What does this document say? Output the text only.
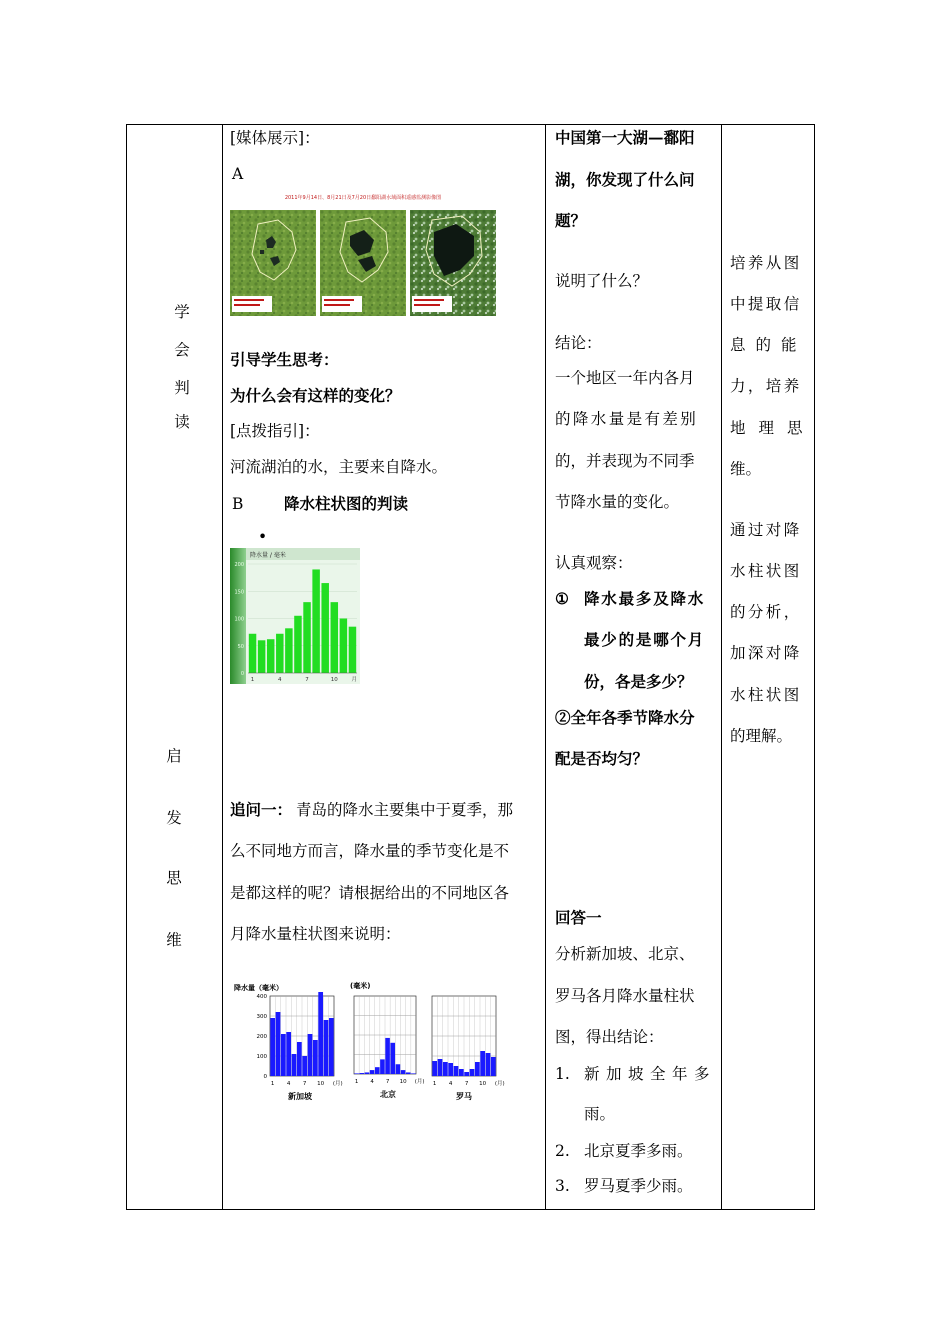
学
会
判
读
启
发
思
维
[媒体展示]：
A
2011年9月14日、8月21日及7月20日鄱阳湖水域面积遥感监测影像图
引导学生思考：
为什么会有这样的变化？
[点拨指引]：
河流湖泊的水，主要来自降水。
B	降水柱状图的判读
•
降水量 / 毫米
0
50
100
150
200
1	4	7	10 月
追问一： 青岛的降水主要集中于夏季，那
么不同地方而言，降水量的季节变化是不
是都这样的呢？请根据给出的不同地区各
月降水量柱状图来说明：
降水量（毫米）	(毫米)
0
100
200
300
400
1 4 7 10 (月) 1 4 7 10 (月) 1 4 7 10 (月)
新加坡	北京	罗马
中国第一大湖—鄱阳
湖，你发现了什么问
题？
说明了什么？
结论：
一个地区一年内各月
的降水量是有差别
的，并表现为不同季
节降水量的变化。
认真观察：
① 降水最多及降水
最少的是哪个月
份，各是多少？
②全年各季节降水分
配是否均匀？
回答一
分析新加坡、北京、
罗马各月降水量柱状
图，得出结论：
1. 新加坡全年多
雨。
2. 北京夏季多雨。
3. 罗马夏季少雨。
培养从图
中提取信
息的能
力，培养
地理思
维。
通过对降
水柱状图
的分析，
加深对降
水柱状图
的理解。
